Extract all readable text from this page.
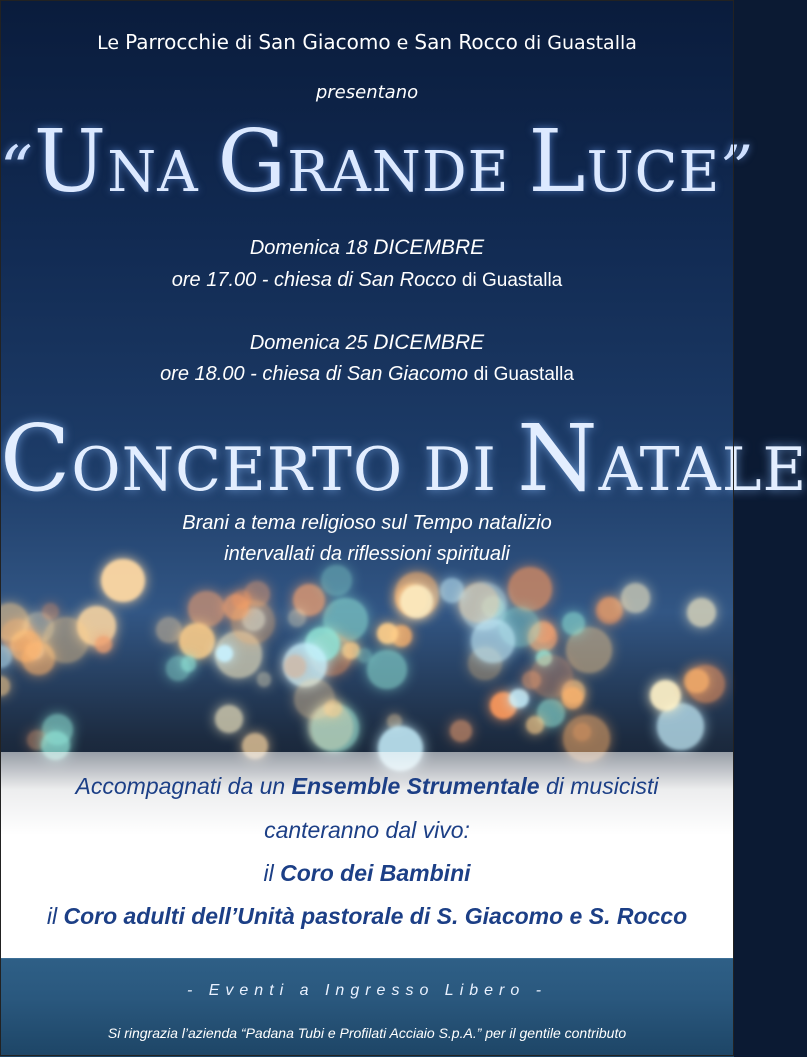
Le Parrocchie di San Giacomo e San Rocco di Guastalla
presentano
“UNA GRANDE LUCE”
Domenica 18 DICEMBRE
ore 17.00 - chiesa di San Rocco di Guastalla
Domenica 25 DICEMBRE
ore 18.00 - chiesa di San Giacomo di Guastalla
CONCERTO DI NATALE
Brani a tema religioso sul Tempo natalizio
intervallati da riflessioni spirituali
Accompagnati da un Ensemble Strumentale di musicisti
canteranno dal vivo:
il Coro dei Bambini
il Coro adulti dell’Unità pastorale di S. Giacomo e S. Rocco
- Eventi a Ingresso Libero -
Si ringrazia l’azienda “Padana Tubi e Profilati Acciaio S.p.A.” per il gentile contributo
